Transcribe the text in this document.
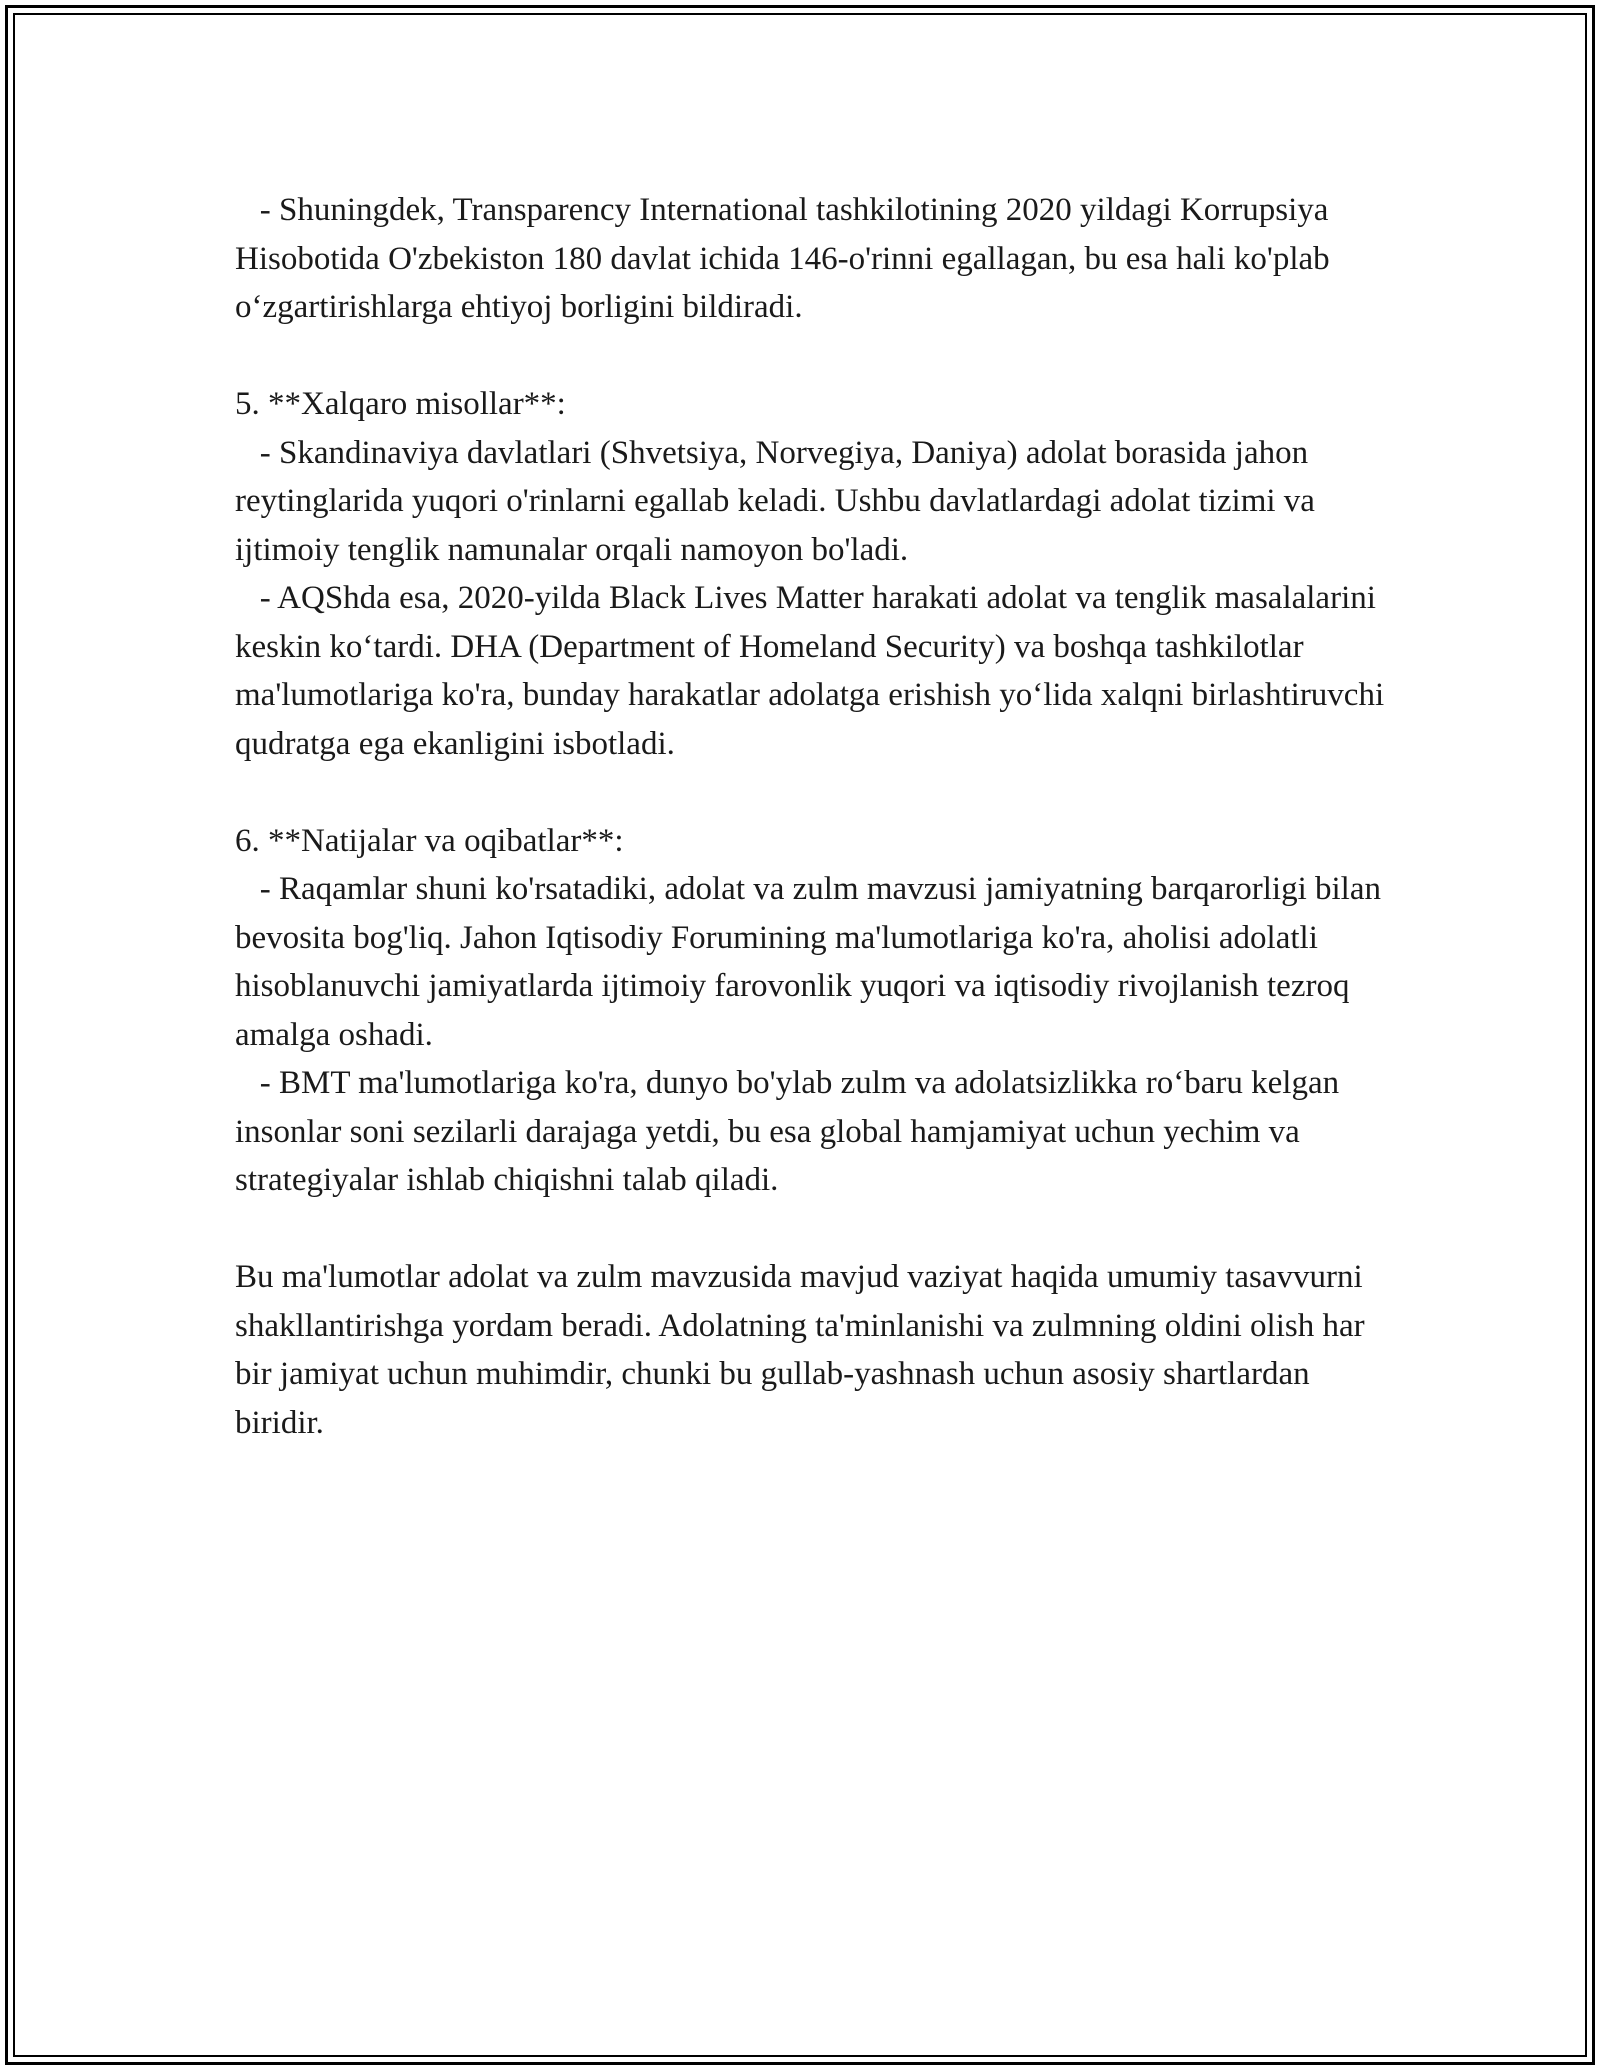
- Shuningdek, Transparency International tashkilotining 2020 yildagi Korrupsiya Hisobotida O'zbekiston 180 davlat ichida 146-o'rinni egallagan, bu esa hali ko'plab oʻzgartirishlarga ehtiyoj borligini bildiradi.

5. **Xalqaro misollar**:

- Skandinaviya davlatlari (Shvetsiya, Norvegiya, Daniya) adolat borasida jahon reytinglarida yuqori o'rinlarni egallab keladi. Ushbu davlatlardagi adolat tizimi va ijtimoiy tenglik namunalar orqali namoyon bo'ladi.

- AQShda esa, 2020-yilda Black Lives Matter harakati adolat va tenglik masalalarini keskin koʻtardi. DHA (Department of Homeland Security) va boshqa tashkilotlar ma'lumotlariga ko'ra, bunday harakatlar adolatga erishish yoʻlida xalqni birlashtiruvchi qudratga ega ekanligini isbotladi.

6. **Natijalar va oqibatlar**:

- Raqamlar shuni ko'rsatadiki, adolat va zulm mavzusi jamiyatning barqarorligi bilan bevosita bog'liq. Jahon Iqtisodiy Forumining ma'lumotlariga ko'ra, aholisi adolatli hisoblanuvchi jamiyatlarda ijtimoiy farovonlik yuqori va iqtisodiy rivojlanish tezroq amalga oshadi.

- BMT ma'lumotlariga ko'ra, dunyo bo'ylab zulm va adolatsizlikka roʻbaru kelgan insonlar soni sezilarli darajaga yetdi, bu esa global hamjamiyat uchun yechim va strategiyalar ishlab chiqishni talab qiladi.

Bu ma'lumotlar adolat va zulm mavzusida mavjud vaziyat haqida umumiy tasavvurni shakllantirishga yordam beradi. Adolatning ta'minlanishi va zulmning oldini olish har bir jamiyat uchun muhimdir, chunki bu gullab-yashnash uchun asosiy shartlardan biridir.
